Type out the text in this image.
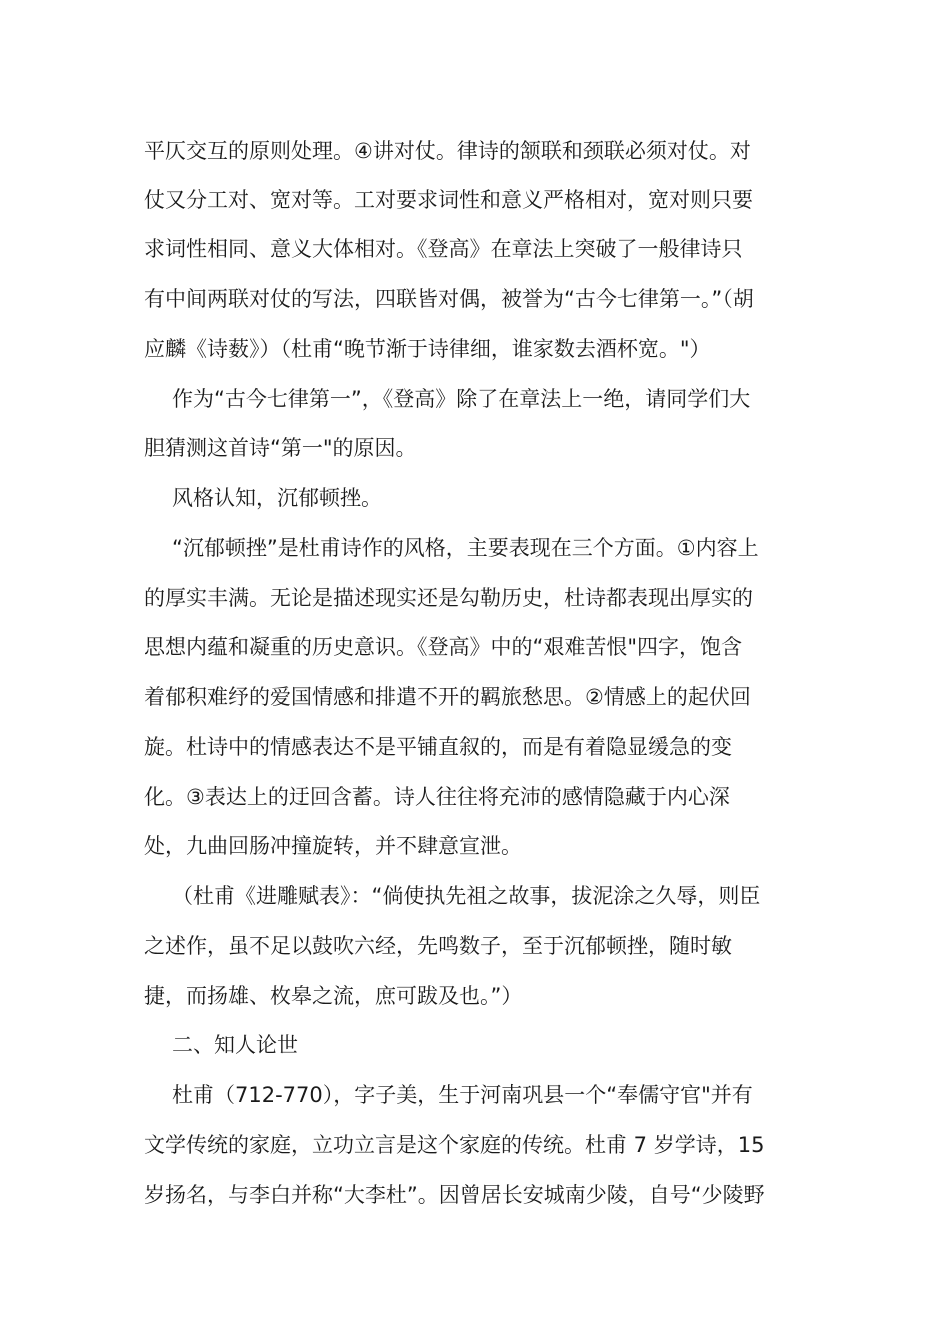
平仄交互的原则处理。④讲对仗。律诗的颔联和颈联必须对仗。对
仗又分工对、宽对等。工对要求词性和意义严格相对，宽对则只要
求词性相同、意义大体相对。《登高》在章法上突破了一般律诗只
有中间两联对仗的写法，四联皆对偶，被誉为“古今七律第一。”（胡
应麟《诗薮》）（杜甫“晚节渐于诗律细，谁家数去酒杯宽。"）
作为“古今七律第一”，《登高》除了在章法上一绝，请同学们大
胆猜测这首诗“第一"的原因。
风格认知，沉郁顿挫。
“沉郁顿挫”是杜甫诗作的风格，主要表现在三个方面。①内容上
的厚实丰满。无论是描述现实还是勾勒历史，杜诗都表现出厚实的
思想内蕴和凝重的历史意识。《登高》中的“艰难苦恨"四字，饱含
着郁积难纾的爱国情感和排遣不开的羁旅愁思。②情感上的起伏回
旋。杜诗中的情感表达不是平铺直叙的，而是有着隐显缓急的变
化。③表达上的迂回含蓄。诗人往往将充沛的感情隐藏于内心深
处，九曲回肠冲撞旋转，并不肆意宣泄。
（杜甫《进雕赋表》：“倘使执先祖之故事，拔泥涂之久辱，则臣
之述作，虽不足以鼓吹六经，先鸣数子，至于沉郁顿挫，随时敏
捷，而扬雄、枚皋之流，庶可跋及也。”）
二、知人论世
杜甫（712-770），字子美，生于河南巩县一个“奉儒守官"并有
文学传统的家庭，立功立言是这个家庭的传统。杜甫 7 岁学诗，15
岁扬名，与李白并称“大李杜”。因曾居长安城南少陵，自号“少陵野
